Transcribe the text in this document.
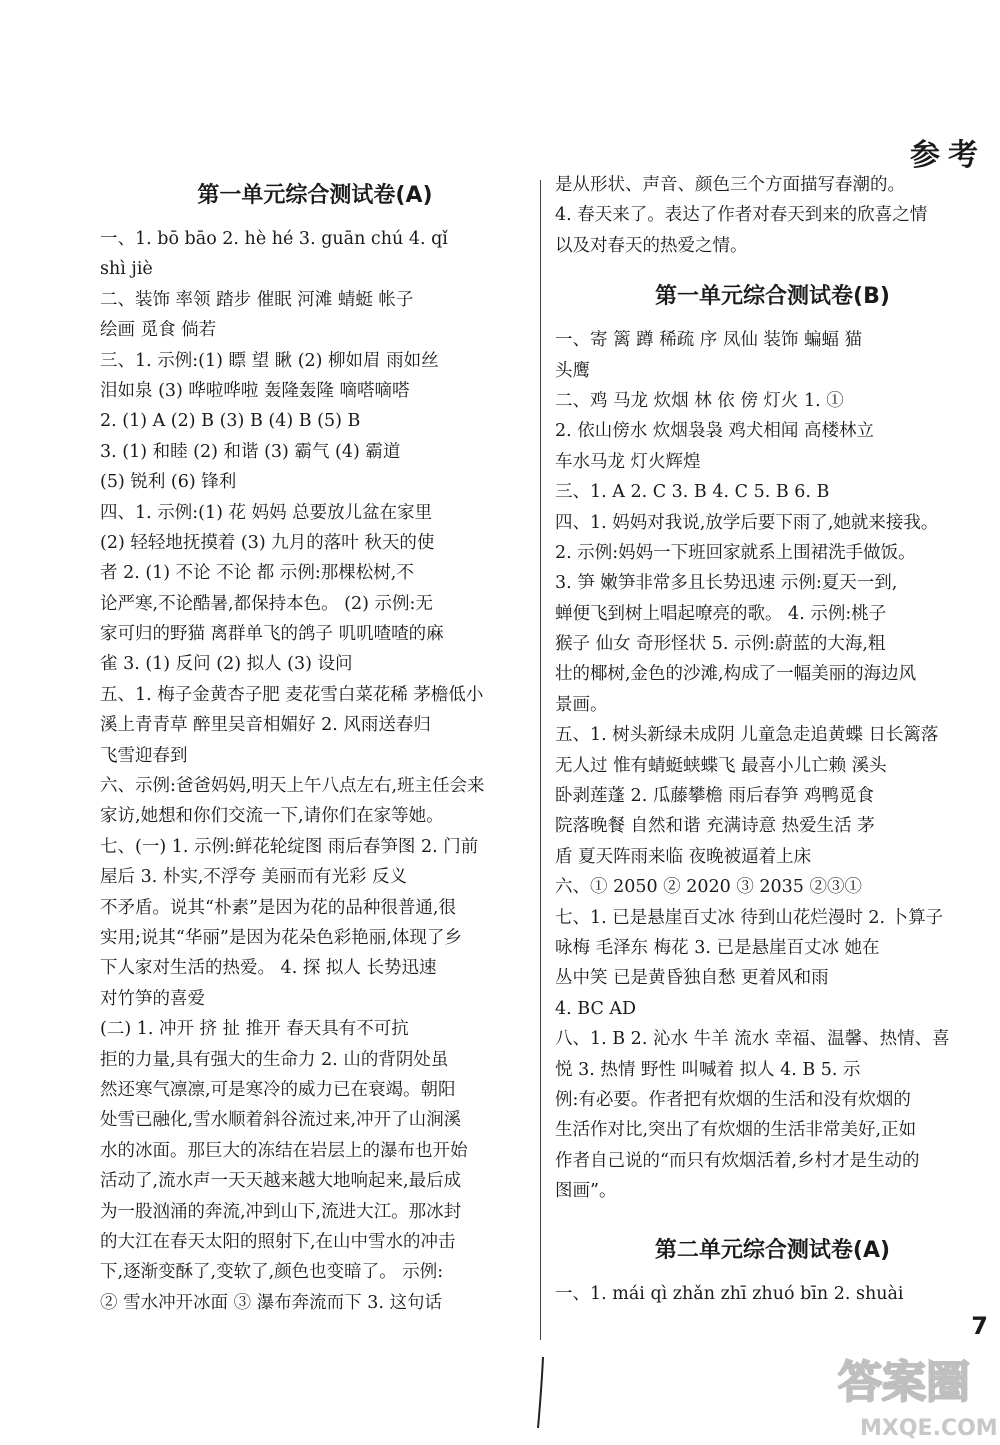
参考
第一单元综合测试卷(A)
一、1. bō bāo 2. hè hé 3. guān chú 4. qǐ
shì jiè
二、装饰 率领 踏步 催眠 河滩 蜻蜓 帐子
绘画 觅食 倘若
三、1. 示例:(1) 瞟 望 瞅 (2) 柳如眉 雨如丝
泪如泉 (3) 哗啦哗啦 轰隆轰隆 嘀嗒嘀嗒
2. (1) A (2) B (3) B (4) B (5) B
3. (1) 和睦 (2) 和谐 (3) 霸气 (4) 霸道
(5) 锐利 (6) 锋利
四、1. 示例:(1) 花 妈妈 总要放儿盆在家里
(2) 轻轻地抚摸着 (3) 九月的落叶 秋天的使
者 2. (1) 不论 不论 都 示例:那棵松树,不
论严寒,不论酷暑,都保持本色。 (2) 示例:无
家可归的野猫 离群单飞的鸽子 叽叽喳喳的麻
雀 3. (1) 反问 (2) 拟人 (3) 设问
五、1. 梅子金黄杏子肥 麦花雪白菜花稀 茅檐低小
溪上青青草 醉里吴音相媚好 2. 风雨送春归
飞雪迎春到
六、示例:爸爸妈妈,明天上午八点左右,班主任会来
家访,她想和你们交流一下,请你们在家等她。
七、(一) 1. 示例:鲜花轮绽图 雨后春笋图 2. 门前
屋后 3. 朴实,不浮夸 美丽而有光彩 反义
不矛盾。说其“朴素”是因为花的品种很普通,很
实用;说其“华丽”是因为花朵色彩艳丽,体现了乡
下人家对生活的热爱。 4. 探 拟人 长势迅速
对竹笋的喜爱
(二) 1. 冲开 挤 扯 推开 春天具有不可抗
拒的力量,具有强大的生命力 2. 山的背阴处虽
然还寒气凛凛,可是寒冷的威力已在衰竭。朝阳
处雪已融化,雪水顺着斜谷流过来,冲开了山涧溪
水的冰面。那巨大的冻结在岩层上的瀑布也开始
活动了,流水声一天天越来越大地响起来,最后成
为一股汹涌的奔流,冲到山下,流进大江。那冰封
的大江在春天太阳的照射下,在山中雪水的冲击
下,逐渐变酥了,变软了,颜色也变暗了。 示例:
② 雪水冲开冰面 ③ 瀑布奔流而下 3. 这句话
是从形状、声音、颜色三个方面描写春潮的。
4. 春天来了。表达了作者对春天到来的欣喜之情
以及对春天的热爱之情。
第一单元综合测试卷(B)
一、寄 篱 蹲 稀疏 序 凤仙 装饰 蝙蝠 猫
头鹰
二、鸡 马龙 炊烟 林 依 傍 灯火 1. ①
2. 依山傍水 炊烟袅袅 鸡犬相闻 高楼林立
车水马龙 灯火辉煌
三、1. A 2. C 3. B 4. C 5. B 6. B
四、1. 妈妈对我说,放学后要下雨了,她就来接我。
2. 示例:妈妈一下班回家就系上围裙洗手做饭。
3. 笋 嫩笋非常多且长势迅速 示例:夏天一到,
蝉便飞到树上唱起嘹亮的歌。 4. 示例:桃子
猴子 仙女 奇形怪状 5. 示例:蔚蓝的大海,粗
壮的椰树,金色的沙滩,构成了一幅美丽的海边风
景画。
五、1. 树头新绿未成阴 儿童急走追黄蝶 日长篱落
无人过 惟有蜻蜓蛱蝶飞 最喜小儿亡赖 溪头
卧剥莲蓬 2. 瓜藤攀檐 雨后春笋 鸡鸭觅食
院落晚餐 自然和谐 充满诗意 热爱生活 茅
盾 夏天阵雨来临 夜晚被逼着上床
六、① 2050 ② 2020 ③ 2035 ②③①
七、1. 已是悬崖百丈冰 待到山花烂漫时 2. 卜算子
咏梅 毛泽东 梅花 3. 已是悬崖百丈冰 她在
丛中笑 已是黄昏独自愁 更着风和雨
4. BC AD
八、1. B 2. 沁水 牛羊 流水 幸福、温馨、热情、喜
悦 3. 热情 野性 叫喊着 拟人 4. B 5. 示
例:有必要。作者把有炊烟的生活和没有炊烟的
生活作对比,突出了有炊烟的生活非常美好,正如
作者自己说的“而只有炊烟活着,乡村才是生动的
图画”。
第二单元综合测试卷(A)
一、1. mái qì zhǎn zhī zhuó bīn 2. shuài
7
答案圈
MXQE.COM
